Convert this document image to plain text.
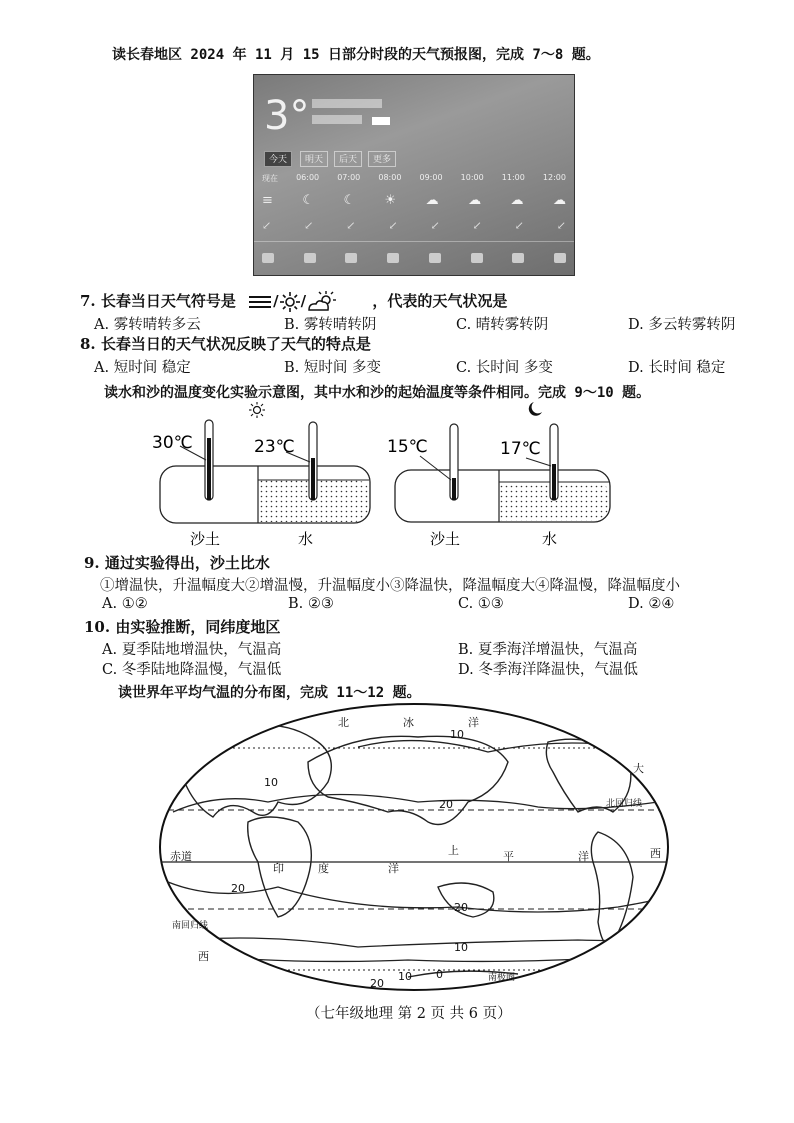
读长春地区 2024 年 11 月 15 日部分时段的天气预报图，完成 7～8 题。
3°
今天	明天	后天	更多
现在 06:00 07:00 08:00 09:00 10:00 11:00 12:00
≡ ☾ ☾ ☀ ☁ ☁ ☁ ☁
↙	↙	↙	↙	↙	↙	↙	↙
7. 长春当日天气符号是 / /	，代表的天气状况是
A. 雾转晴转多云	B. 雾转晴转阴	C. 晴转雾转阴	D. 多云转雾转阴
8. 长春当日的天气状况反映了天气的特点是
A. 短时间 稳定	B. 短时间 多变	C. 长时间 多变	D. 长时间 稳定
读水和沙的温度变化实验示意图，其中水和沙的起始温度等条件相同。完成 9～10 题。
30℃	23℃
沙土	水
15℃	17℃
沙土	水
9. 通过实验得出，沙土比水
①增温快，升温幅度大②增温慢，升温幅度小③降温快，降温幅度大④降温慢，降温幅度小
A. ①②	B. ②③	C. ①③	D. ②④
10. 由实验推断，同纬度地区
A. 夏季陆地增温快，气温高	B. 夏季海洋增温快，气温高
C. 冬季陆地降温慢，气温低	D. 冬季海洋降温快，气温低
读世界年平均气温的分布图，完成 11～12 题。
赤道
北回归线
南回归线
南极圈
北	冰	洋
大
西
印	度	洋
上	平	洋
西
10
10
20
20
20
10
20
10 0
（七年级地理 第 2 页 共 6 页）
